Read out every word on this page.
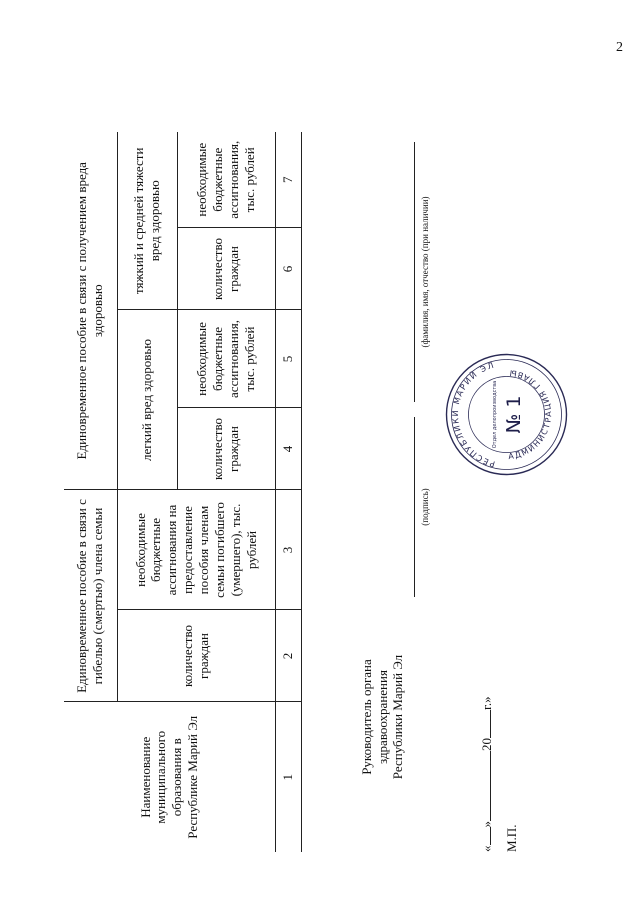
2
Наименование муниципального образования в Республике Марий Эл	Единовременное пособие в связи с гибелью (смертью) члена семьи		Единовременное пособие в связи с получением вреда здоровью			
	количество граждан	необходимые бюджетные ассигнования на предоставление пособия членам семьи погибшего (умершего), тыс. рублей	легкий вред здоровью		тяжкий и средней тяжести вред здоровью	
			количество граждан	необходимые бюджетные ассигнования, тыс. рублей	количество граждан	необходимые бюджетные ассигнования, тыс. рублей
1	2	3	4	5	6	7
Руководитель органа здравоохранения Республики Марий Эл
(подпись)
(фамилия, имя, отчество (при наличии)
«»20г.»
М.П.
РЕСПУБЛИКИ МАРИЙ ЭЛ
АДМИНИСТРАЦИЯ ГЛАВЫ
Отдел делопроизводства № 1
